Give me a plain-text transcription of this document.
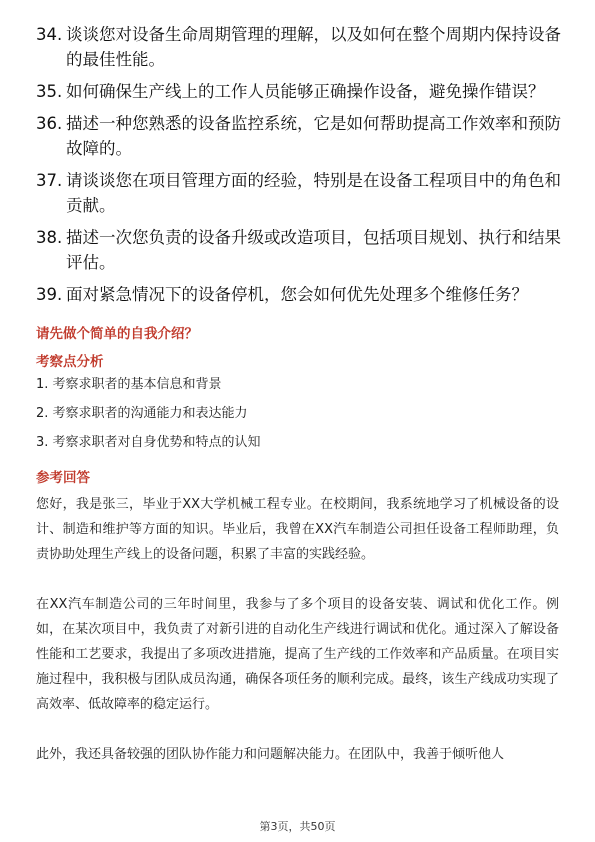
34. 谈谈您对设备生命周期管理的理解，以及如何在整个周期内保持设备的最佳性能。
35. 如何确保生产线上的工作人员能够正确操作设备，避免操作错误？
36. 描述一种您熟悉的设备监控系统，它是如何帮助提高工作效率和预防故障的。
37. 请谈谈您在项目管理方面的经验，特别是在设备工程项目中的角色和贡献。
38. 描述一次您负责的设备升级或改造项目，包括项目规划、执行和结果评估。
39. 面对紧急情况下的设备停机，您会如何优先处理多个维修任务？
请先做个简单的自我介绍？
考察点分析
1. 考察求职者的基本信息和背景
2. 考察求职者的沟通能力和表达能力
3. 考察求职者对自身优势和特点的认知
参考回答

您好，我是张三，毕业于XX大学机械工程专业。在校期间，我系统地学习了机械设备的设计、制造和维护等方面的知识。毕业后，我曾在XX汽车制造公司担任设备工程师助理，负责协助处理生产线上的设备问题，积累了丰富的实践经验。

在XX汽车制造公司的三年时间里，我参与了多个项目的设备安装、调试和优化工作。例如，在某次项目中，我负责了对新引进的自动化生产线进行调试和优化。通过深入了解设备性能和工艺要求，我提出了多项改进措施，提高了生产线的工作效率和产品质量。在项目实施过程中，我积极与团队成员沟通，确保各项任务的顺利完成。最终，该生产线成功实现了高效率、低故障率的稳定运行。

此外，我还具备较强的团队协作能力和问题解决能力。在团队中，我善于倾听他人

第3页，共50页
